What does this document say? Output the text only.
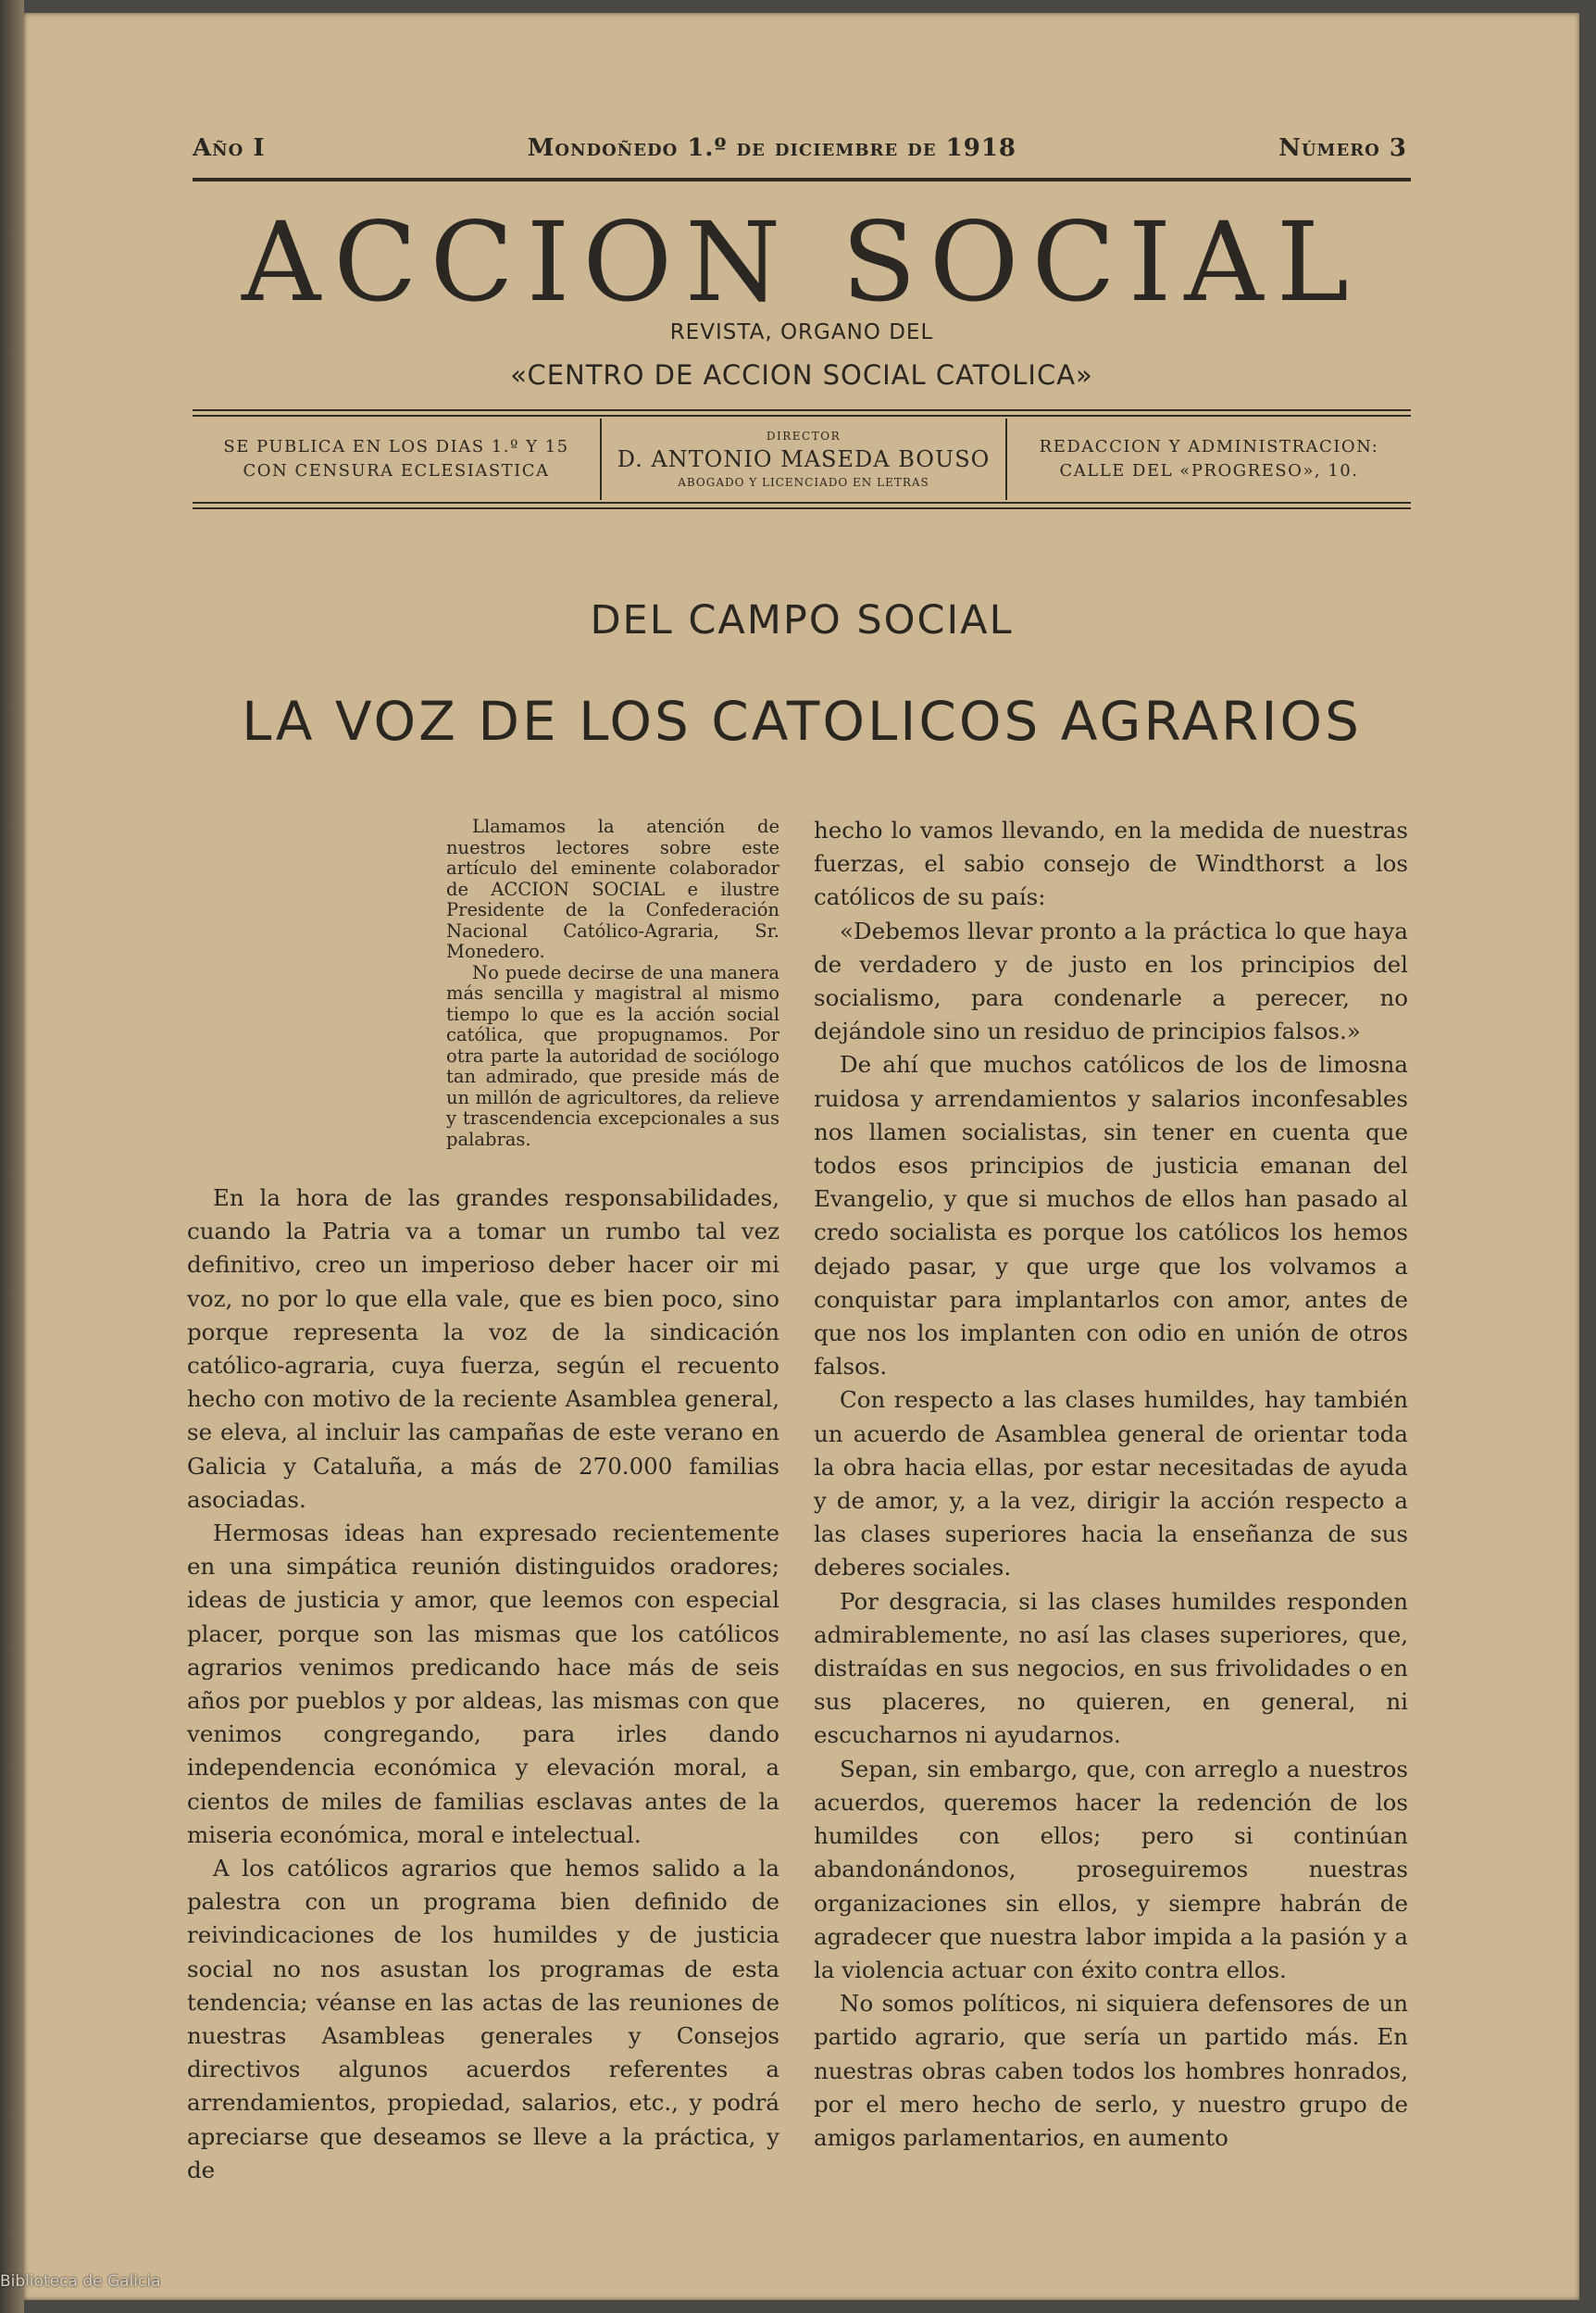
Año I	Mondoñedo 1.º de diciembre de 1918	Número 3
ACCION SOCIAL
REVISTA, ORGANO DEL
«CENTRO DE ACCION SOCIAL CATOLICA»
SE PUBLICA EN LOS DIAS 1.º Y 15
CON CENSURA ECLESIASTICA
DIRECTOR
D. ANTONIO MASEDA BOUSO
ABOGADO Y LICENCIADO EN LETRAS
REDACCION Y ADMINISTRACION:
CALLE DEL «PROGRESO», 10.
DEL CAMPO SOCIAL
LA VOZ DE LOS CATOLICOS AGRARIOS

Llamamos la atención de nuestros lectores sobre este artículo del eminente colaborador de ACCION SOCIAL e ilustre Presidente de la Confederación Nacional Católico-Agraria, Sr. Monedero.

No puede decirse de una manera más sencilla y magistral al mismo tiempo lo que es la acción social católica, que propugnamos. Por otra parte la autoridad de sociólogo tan admirado, que preside más de un millón de agricultores, da relieve y trascendencia excepcionales a sus palabras.

En la hora de las grandes responsabilidades, cuando la Patria va a tomar un rumbo tal vez definitivo, creo un imperioso deber hacer oir mi voz, no por lo que ella vale, que es bien poco, sino porque representa la voz de la sindicación católico-agraria, cuya fuerza, según el recuento hecho con motivo de la reciente Asamblea general, se eleva, al incluir las campañas de este verano en Galicia y Cataluña, a más de 270.000 familias asociadas.

Hermosas ideas han expresado recientemente en una simpática reunión distinguidos oradores; ideas de justicia y amor, que leemos con especial placer, porque son las mismas que los católicos agrarios venimos predicando hace más de seis años por pueblos y por aldeas, las mismas con que venimos congregando, para irles dando independencia económica y elevación moral, a cientos de miles de familias esclavas antes de la miseria económica, moral e intelectual.

A los católicos agrarios que hemos salido a la palestra con un programa bien definido de reivindicaciones de los humildes y de justicia social no nos asustan los programas de esta tendencia; véanse en las actas de las reuniones de nuestras Asambleas generales y Consejos directivos algunos acuerdos referentes a arrendamientos, propiedad, salarios, etc., y podrá apreciarse que deseamos se lleve a la práctica, y de

hecho lo vamos llevando, en la medida de nuestras fuerzas, el sabio consejo de Windthorst a los católicos de su país:

«Debemos llevar pronto a la práctica lo que haya de verdadero y de justo en los principios del socialismo, para condenarle a perecer, no dejándole sino un residuo de principios falsos.»

De ahí que muchos católicos de los de limosna ruidosa y arrendamientos y salarios inconfesables nos llamen socialistas, sin tener en cuenta que todos esos principios de justicia emanan del Evangelio, y que si muchos de ellos han pasado al credo socialista es porque los católicos los hemos dejado pasar, y que urge que los volvamos a conquistar para implantarlos con amor, antes de que nos los implanten con odio en unión de otros falsos.

Con respecto a las clases humildes, hay también un acuerdo de Asamblea general de orientar toda la obra hacia ellas, por estar necesitadas de ayuda y de amor, y, a la vez, dirigir la acción respecto a las clases superiores hacia la enseñanza de sus deberes sociales.

Por desgracia, si las clases humildes responden admirablemente, no así las clases superiores, que, distraídas en sus negocios, en sus frivolidades o en sus placeres, no quieren, en general, ni escucharnos ni ayudarnos.

Sepan, sin embargo, que, con arreglo a nuestros acuerdos, queremos hacer la redención de los humildes con ellos; pero si continúan abandonándonos, proseguiremos nuestras organizaciones sin ellos, y siempre habrán de agradecer que nuestra labor impida a la pasión y a la violencia actuar con éxito contra ellos.

No somos políticos, ni siquiera defensores de un partido agrario, que sería un partido más. En nuestras obras caben todos los hombres honrados, por el mero hecho de serlo, y nuestro grupo de amigos parlamentarios, en aumento

Biblioteca de Galicia
